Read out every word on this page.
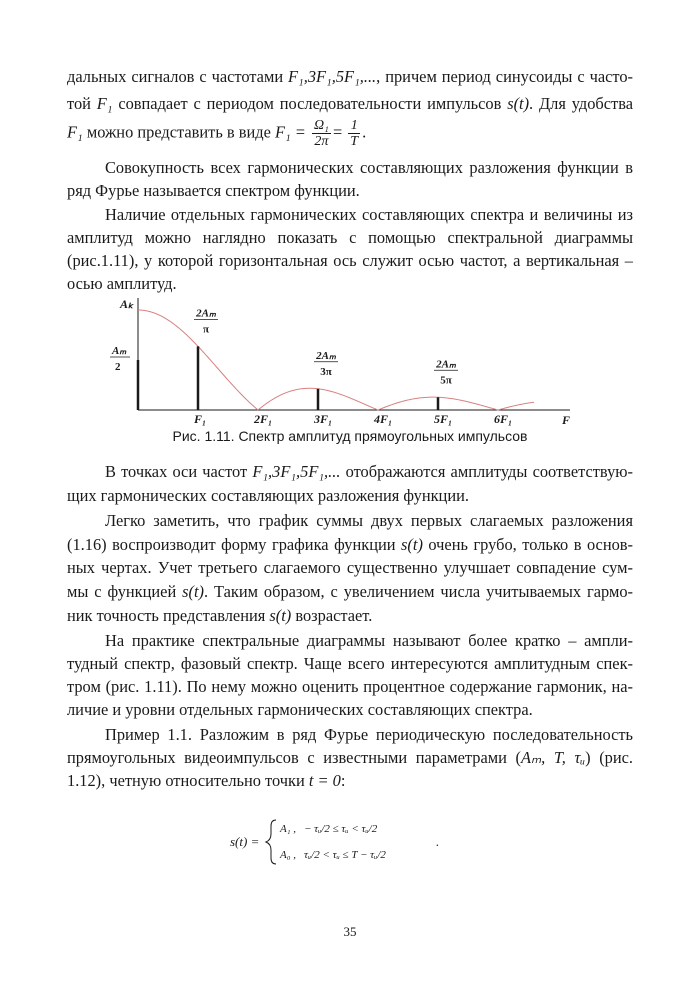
дальных сигналов с частотами F₁,3F₁,5F₁,..., причем период синусоиды с часто-
той F₁ совпадает с периодом последовательности импульсов s(t). Для удобства
F₁ можно представить в виде $F_1 = \frac{\text{Ω₁}}{2\pi} = \frac{1}{T}$ .
Совокупность всех гармонических составляющих разложения функции в
ряд Фурье называется спектром функции.
Наличие отдельных гармонических составляющих спектра и величины из
амплитуд можно наглядно показать с помощью спектральной диаграммы
(рис.1.11), у которой горизонтальная ось служит осью частот, а вертикальная –
осью амплитуд.
Aₖ
F
Aₘ
2
F₁
2Aₘ
π
2F₁	3F₁
2Aₘ
3π
4F₁	5F₁
2Aₘ
5π
6F₁
Рис. 1.11. Спектр амплитуд прямоугольных импульсов
В точках оси частот F₁,3F₁,5F₁,... отображаются амплитуды соответствую-
щих гармонических составляющих разложения функции.
Легко заметить, что график суммы двух первых слагаемых разложения
(1.16) воспроизводит форму графика функции s(t) очень грубо, только в основ-
ных чертах. Учет третьего слагаемого существенно улучшает совпадение сум-
мы с функцией s(t). Таким образом, с увеличением числа учитываемых гармо-
ник точность представления s(t) возрастает.
На практике спектральные диаграммы называют более кратко – ампли-
тудный спектр, фазовый спектр. Чаще всего интересуются амплитудным спек-
тром (рис. 1.11). По нему можно оценить процентное содержание гармоник, на-
личие и уровни отдельных гармонических составляющих спектра.
Пример 1.1. Разложим в ряд Фурье периодическую последовательность
прямоугольных видеоимпульсов с известными параметрами (Aₘ, T, τᵤ) (рис.
1.12), четную относительно точки t = 0:
s(t) =
A₁ , − τᵤ/2 ≤ τᵤ < τᵤ/2
A₀ , τᵤ/2 < τᵤ ≤ T − τᵤ/2
.
35
